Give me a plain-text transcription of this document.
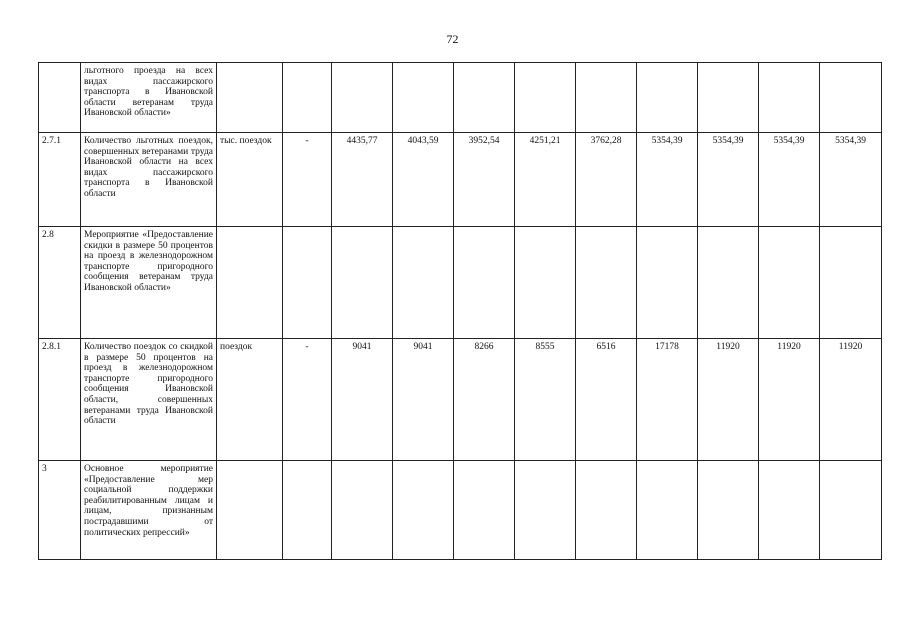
72
	льготного проезда на всех видах пассажирского транспорта в Ивановской области ветеранам труда Ивановской области»											
2.7.1	Количество льготных поездок, совершенных ветеранами труда Ивановской области на всех видах пассажирского транспорта в Ивановской области	тыс. поездок	-	4435,77	4043,59	3952,54	4251,21	3762,28	5354,39	5354,39	5354,39	5354,39
2.8	Мероприятие «Предоставление скидки в размере 50 процентов на проезд в железнодорожном транспорте пригородного сообщения ветеранам труда Ивановской области»											
2.8.1	Количество поездок со скидкой в размере 50 процентов на проезд в железнодорожном транспорте пригородного сообщения Ивановской области, совершенных ветеранами труда Ивановской области	поездок	-	9041	9041	8266	8555	6516	17178	11920	11920	11920
3	Основное мероприятие «Предоставление мер социальной поддержки реабилитированным лицам и лицам, признанным пострадавшими от политических репрессий»											
